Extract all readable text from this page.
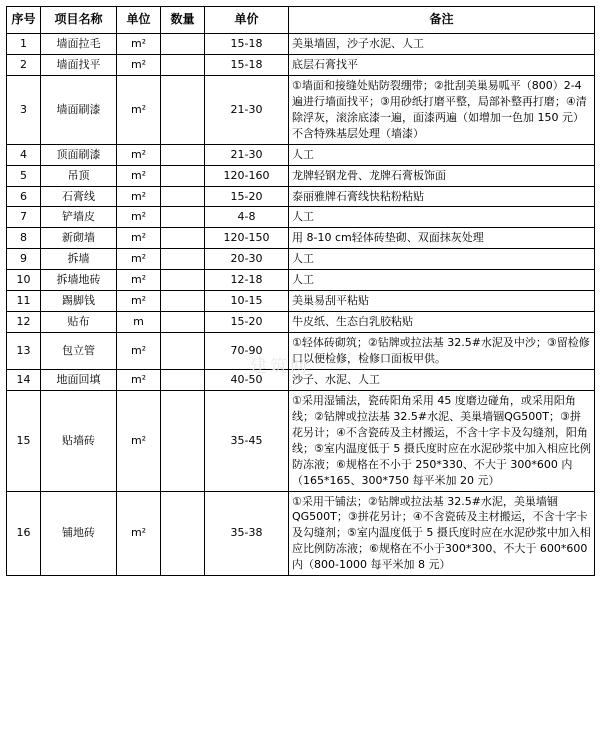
建筑网
序号	项目名称	单位	数量	单价	备注
1	墙面拉毛	m²		15-18	美巢墙固，沙子水泥、人工
2	墙面找平	m²		15-18	底层石膏找平
3	墙面刷漆	m²		21-30	①墙面和接缝处贴防裂绷带；②批刮美巢易呱平（800）2-4 遍进行墙面找平；③用砂纸打磨平整，局部补整再打磨；④清除浮灰，滚涂底漆一遍，面漆两遍（如增加一色加 150 元）不含特殊基层处理（墙漆）
4	顶面刷漆	m²		21-30	人工
5	吊顶	m²		120-160	龙牌轻钢龙骨、龙牌石膏板饰面
6	石膏线	m²		15-20	泰丽雅牌石膏线快粘粉粘贴
7	铲墙皮	m²		4-8	人工
8	新砌墙	m²		120-150	用 8-10 cm轻体砖垫砌、双面抹灰处理
9	拆墙	m²		20-30	人工
10	拆墙地砖	m²		12-18	人工
11	踢脚钱	m²		10-15	美巢易刮平粘贴
12	贴布	m		15-20	牛皮纸、生态白乳胶粘贴
13	包立管	m²		70-90	①轻体砖砌筑；②钻牌或拉法基 32.5#水泥及中沙；③留检修口以便检修，检修口面板甲供。
14	地面回填	m²		40-50	沙子、水泥、人工
15	贴墙砖	m²		35-45	①采用湿铺法，瓷砖阳角采用 45 度磨边碰角，或采用阳角线；②钻牌或拉法基 32.5#水泥、美巢墙锢QG500T；③拼花另计；④不含瓷砖及主材搬运，不含十字卡及勾缝剂，阳角线；⑤室内温度低于 5 摄氏度时应在水泥砂浆中加入相应比例防冻液；⑥规格在不小于 250*330、不大于 300*600 内（165*165、300*750 每平米加 20 元）
16	铺地砖	m²		35-38	①采用干铺法；②钻牌或拉法基 32.5#水泥，美巢墙锢 QG500T；③拼花另计；④不含瓷砖及主材搬运，不含十字卡及勾缝剂；⑤室内温度低于 5 摄氏度时应在水泥砂浆中加入相应比例防冻液；⑥规格在不小于300*300、不大于 600*600 内（800-1000 每平米加 8 元）
